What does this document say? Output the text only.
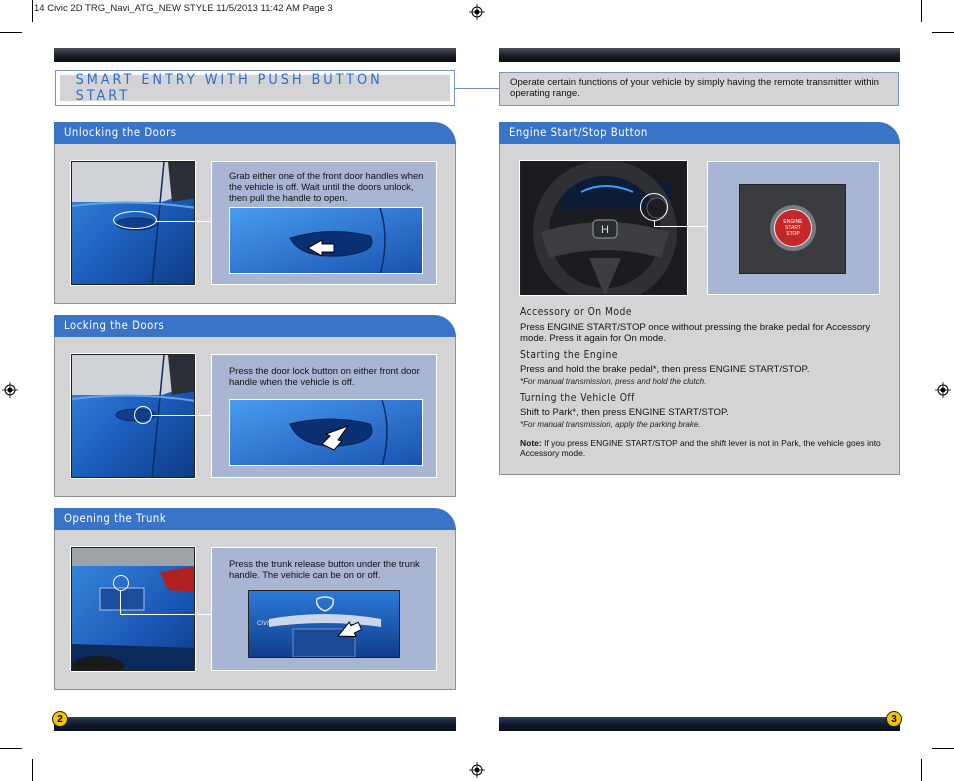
14 Civic 2D TRG_Navi_ATG_NEW STYLE 11/5/2013 11:42 AM Page 3
SMART ENTRY WITH PUSH BUTTON START
Operate certain functions of your vehicle by simply having the remote transmitter within operating range.
Unlocking the Doors
Grab either one of the front door handles when the vehicle is off. Wait until the doors unlock, then pull the handle to open.
Locking the Doors
Press the door lock button on either front door handle when the vehicle is off.
Opening the Trunk
Press the trunk release button under the trunk handle. The vehicle can be on or off.
CIVIC
Engine Start/Stop Button
H
ENGINE
START
STOP
Accessory or On Mode
Press ENGINE START/STOP once without pressing the brake pedal for Accessory mode. Press it again for On mode.
Starting the Engine
Press and hold the brake pedal*, then press ENGINE START/STOP.
*For manual transmission, press and hold the clutch.
Turning the Vehicle Off
Shift to Park*, then press ENGINE START/STOP.
*For manual transmission, apply the parking brake.
Note: If you press ENGINE START/STOP and the shift lever is not in Park, the vehicle goes into Accessory mode.
2	3
